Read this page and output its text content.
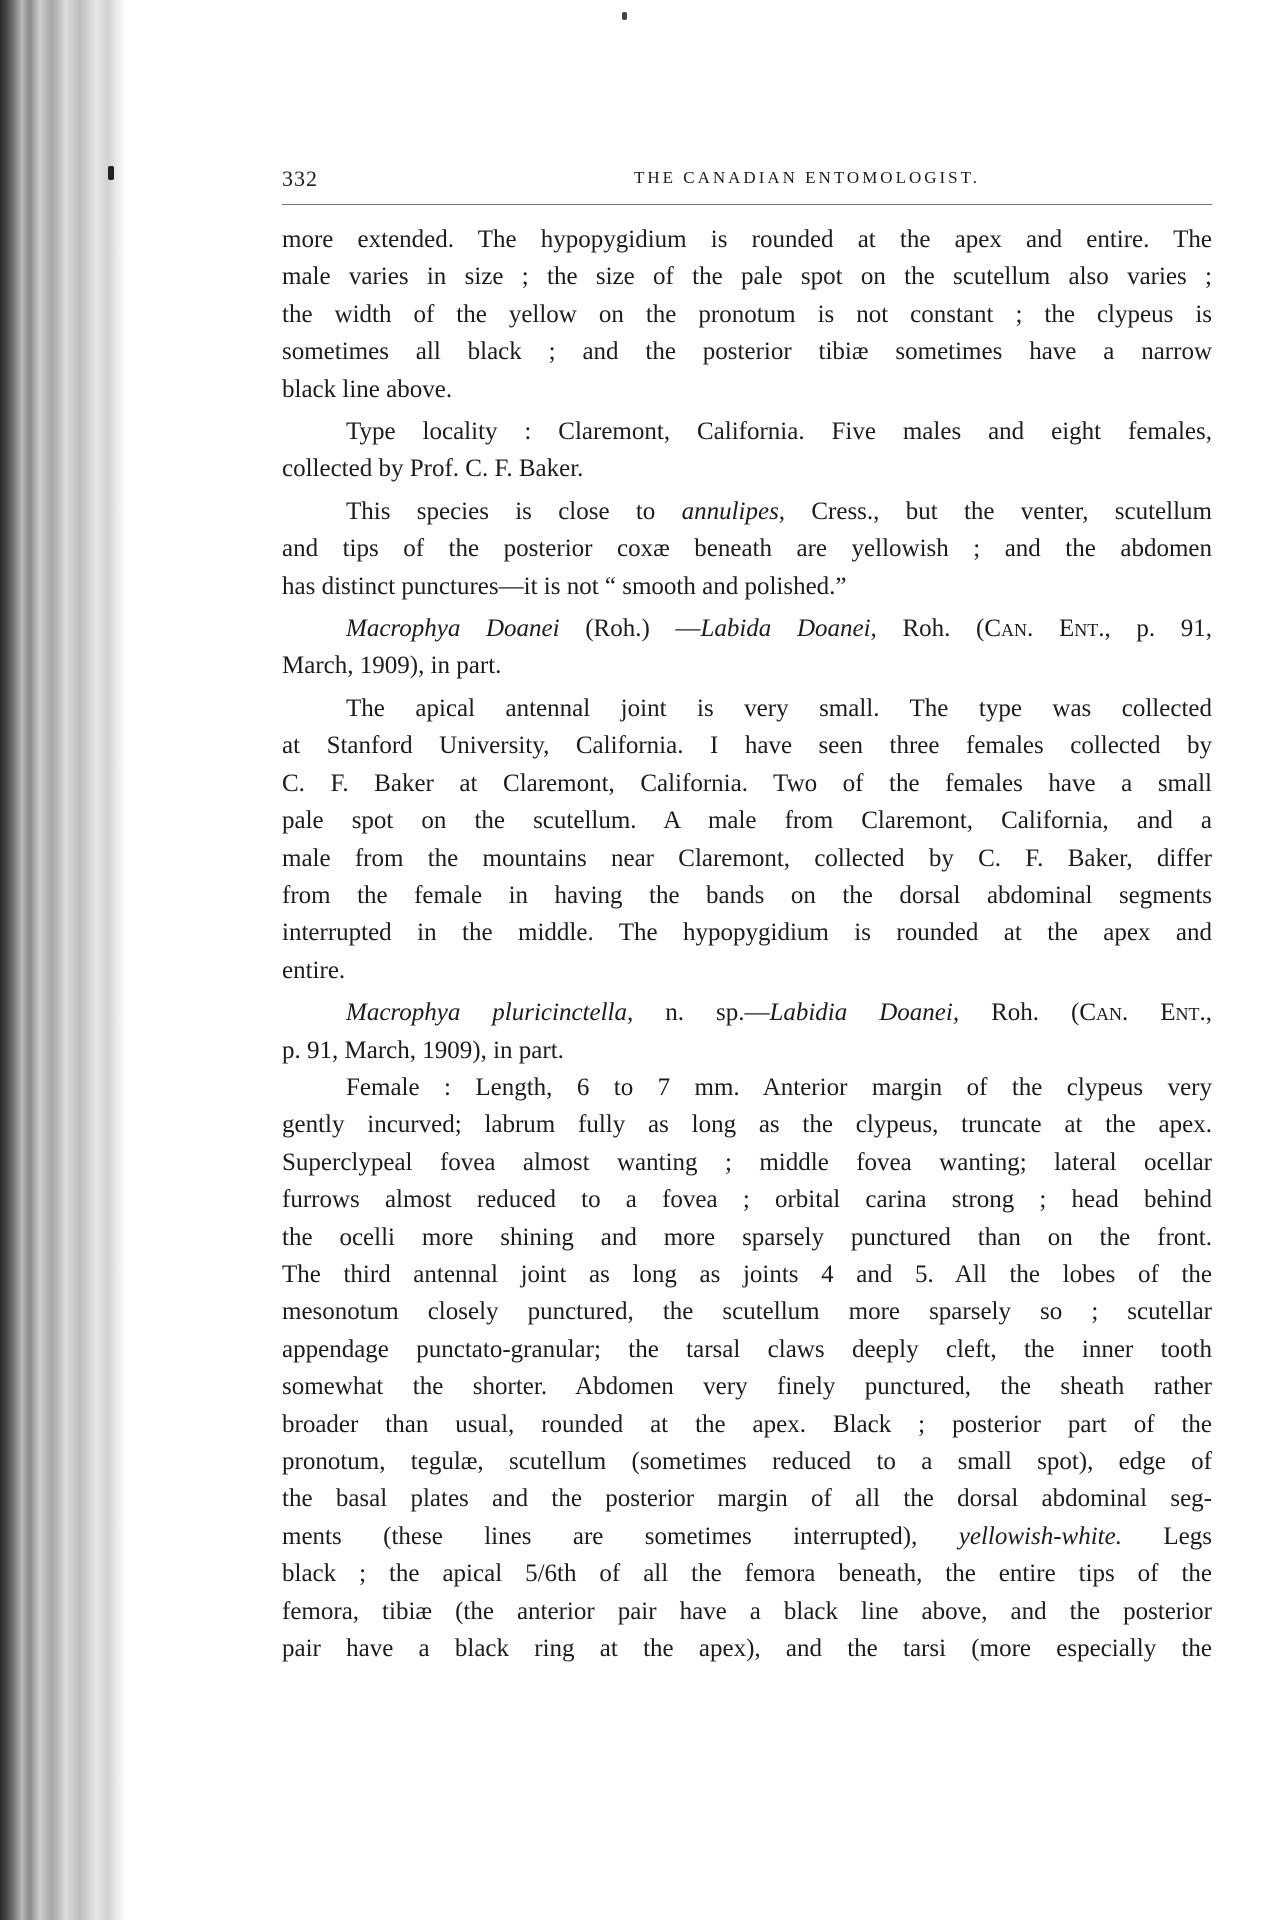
332	THE CANADIAN ENTOMOLOGIST.

more extended. The hypopygidium is rounded at the apex and entire. The
male varies in size ; the size of the pale spot on the scutellum also varies ;
the width of the yellow on the pronotum is not constant ; the clypeus is
sometimes all black ; and the posterior tibiæ sometimes have a narrow
black line above.

Type locality : Claremont, California. Five males and eight females,
collected by Prof. C. F. Baker.

This species is close to annulipes, Cress., but the venter, scutellum
and tips of the posterior coxæ beneath are yellowish ; and the abdomen
has distinct punctures—it is not “ smooth and polished.”

Macrophya Doanei (Roh.) —Labida Doanei, Roh. (Can. Ent., p. 91,
March, 1909), in part.

The apical antennal joint is very small. The type was collected
at Stanford University, California. I have seen three females collected by
C. F. Baker at Claremont, California. Two of the females have a small
pale spot on the scutellum. A male from Claremont, California, and a
male from the mountains near Claremont, collected by C. F. Baker, differ
from the female in having the bands on the dorsal abdominal segments
interrupted in the middle. The hypopygidium is rounded at the apex and
entire.

Macrophya pluricinctella, n. sp.—Labidia Doanei, Roh. (Can. Ent.,
p. 91, March, 1909), in part.

Female : Length, 6 to 7 mm. Anterior margin of the clypeus very
gently incurved; labrum fully as long as the clypeus, truncate at the apex.
Superclypeal fovea almost wanting ; middle fovea wanting; lateral ocellar
furrows almost reduced to a fovea ; orbital carina strong ; head behind
the ocelli more shining and more sparsely punctured than on the front.
The third antennal joint as long as joints 4 and 5. All the lobes of the
mesonotum closely punctured, the scutellum more sparsely so ; scutellar
appendage punctato-granular; the tarsal claws deeply cleft, the inner tooth
somewhat the shorter. Abdomen very finely punctured, the sheath rather
broader than usual, rounded at the apex. Black ; posterior part of the
pronotum, tegulæ, scutellum (sometimes reduced to a small spot), edge of
the basal plates and the posterior margin of all the dorsal abdominal seg-
ments (these lines are sometimes interrupted), yellowish-white. Legs
black ; the apical 5/6th of all the femora beneath, the entire tips of the
femora, tibiæ (the anterior pair have a black line above, and the posterior
pair have a black ring at the apex), and the tarsi (more especially the
